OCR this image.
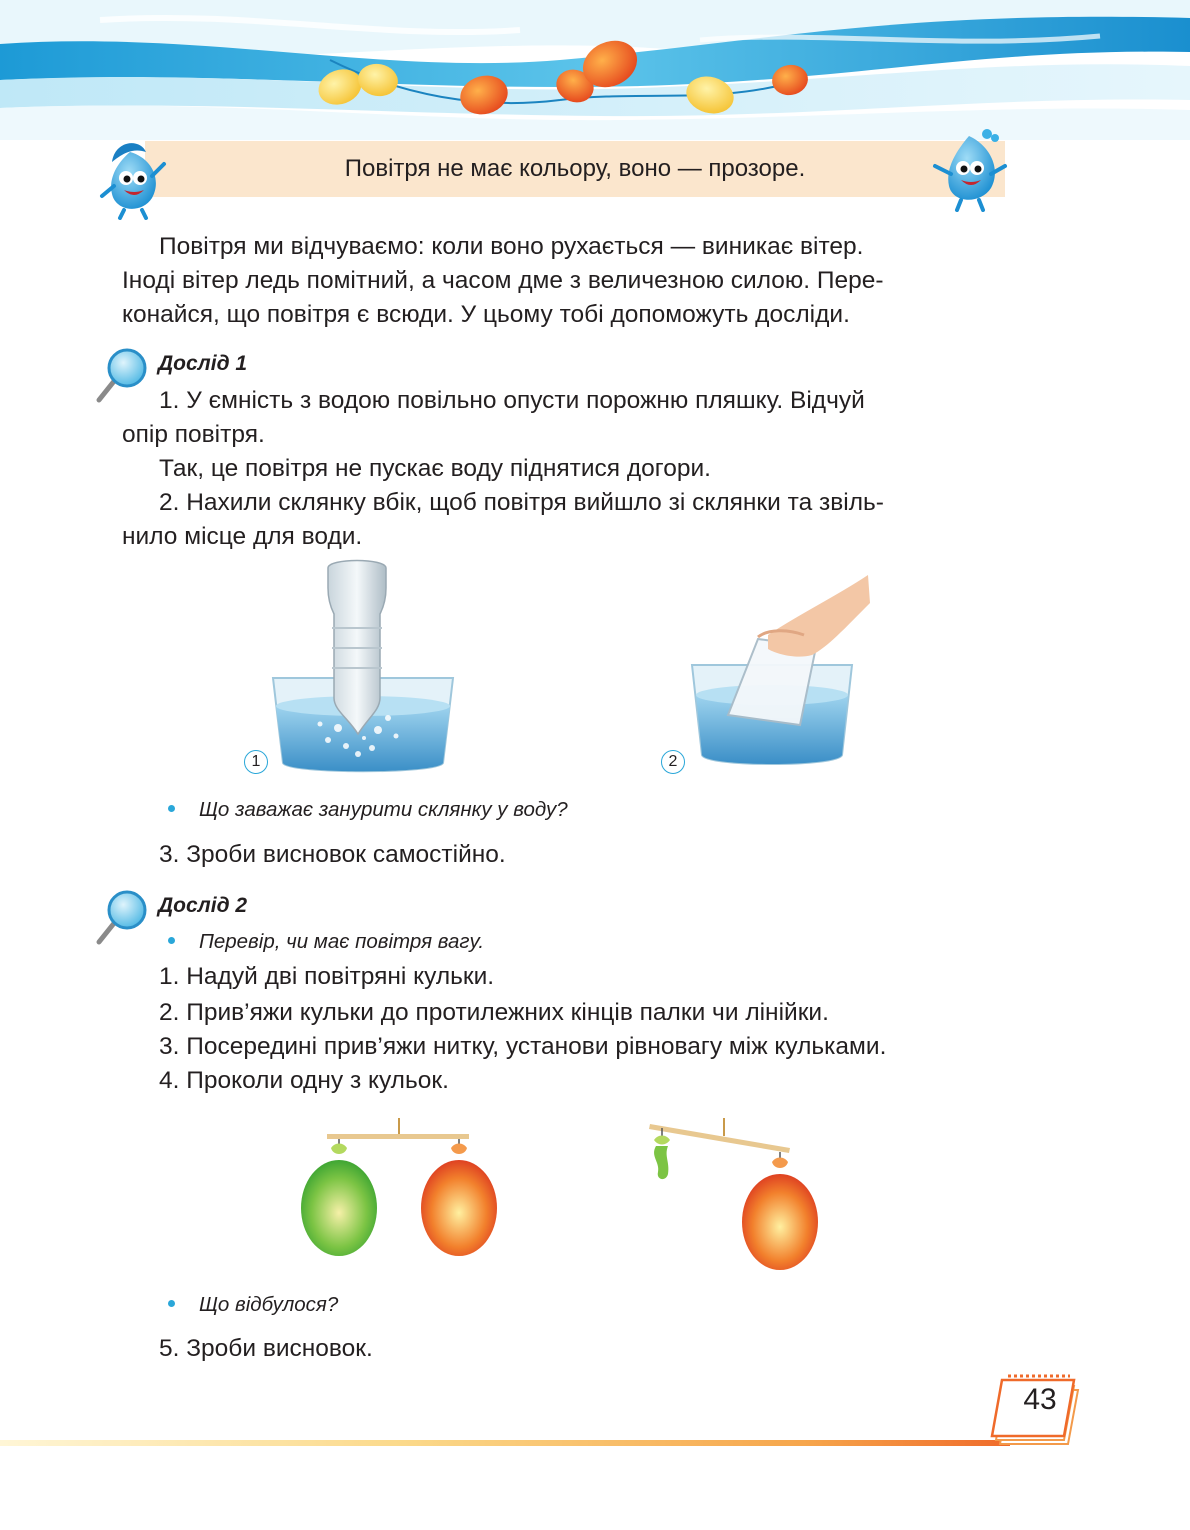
Повітря не має кольору, воно — прозоре.
Повітря ми відчуваємо: коли воно рухається — виникає вітер.
Іноді вітер ледь помітний, а часом дме з величезною силою. Пере-
конайся, що повітря є всюди. У цьому тобі допоможуть досліди.
Дослід 1
1. У ємність з водою повільно опусти порожню пляшку. Відчуй
опір повітря.
Так, це повітря не пускає воду піднятися догори.
2. Нахили склянку вбік, щоб повітря вийшло зі склянки та звіль-
нило місце для води.
1	2
Що заважає занурити склянку у воду?
3. Зроби висновок самостійно.
Дослід 2
Перевір, чи має повітря вагу.
1. Надуй дві повітряні кульки.
2. Прив’яжи кульки до протилежних кінців палки чи лінійки.
3. Посередині прив’яжи нитку, установи рівновагу між кульками.
4. Проколи одну з кульок.
Що відбулося?
5. Зроби висновок.
43
